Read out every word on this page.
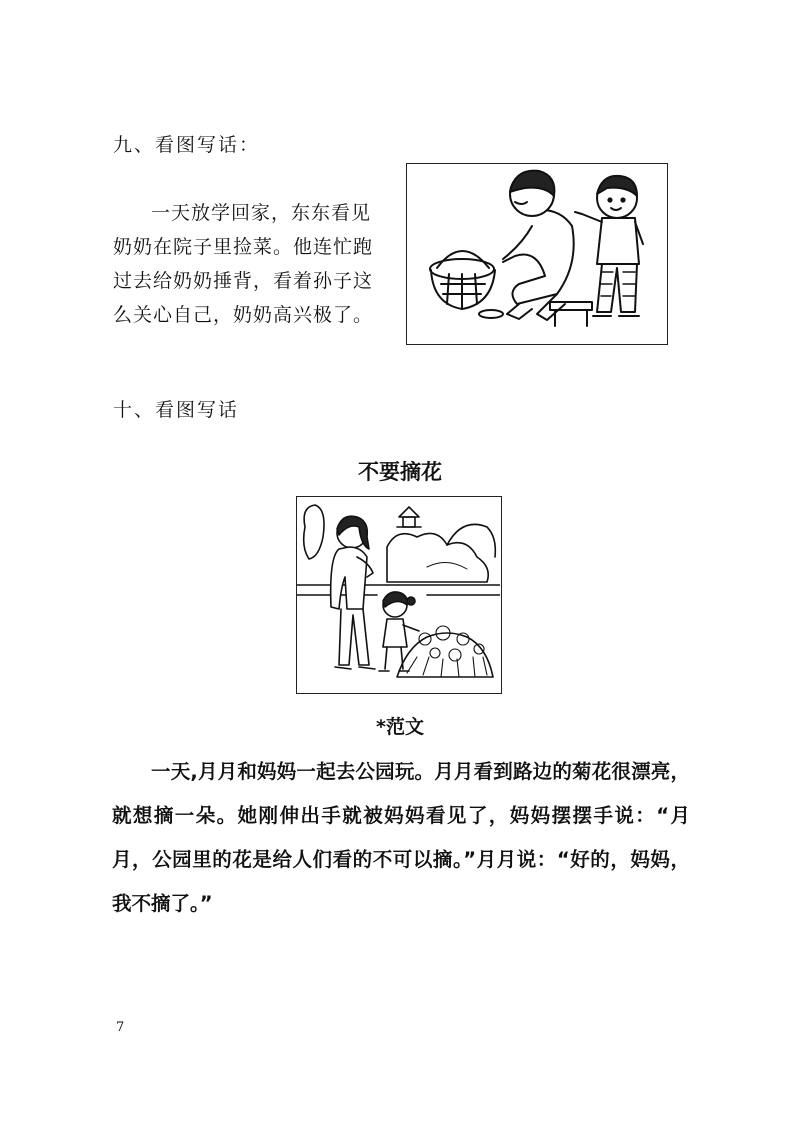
九、看图写话：

一天放学回家，东东看见奶奶在院子里捡菜。他连忙跑过去给奶奶捶背，看着孙子这么关心自己，奶奶高兴极了。

十、看图写话
不要摘花
*范文

一天,月月和妈妈一起去公园玩。月月看到路边的菊花很漂亮，就想摘一朵。她刚伸出手就被妈妈看见了，妈妈摆摆手说：“月月，公园里的花是给人们看的不可以摘。”月月说：“好的，妈妈，我不摘了。”

7
